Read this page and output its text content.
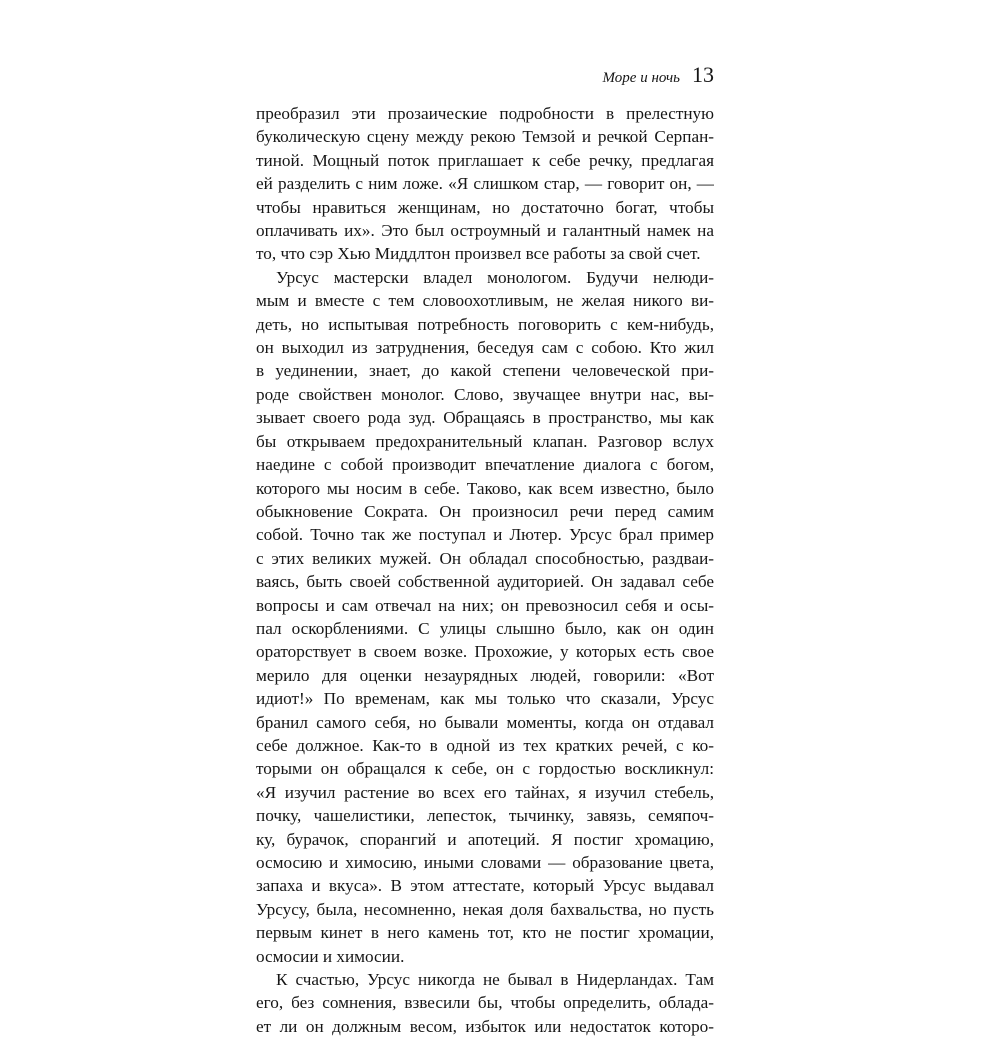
Море и ночь 13
преобразил эти прозаические подробности в прелестную
буколическую сцену между рекою Темзой и речкой Серпан-
тиной. Мощный поток приглашает к себе речку, предлагая
ей разделить с ним ложе. «Я слишком стар, — говорит он, —
чтобы нравиться женщинам, но достаточно богат, чтобы
оплачивать их». Это был остроумный и галантный намек на
то, что сэр Хью Миддлтон произвел все работы за свой счет.
Урсус мастерски владел монологом. Будучи нелюди-
мым и вместе с тем словоохотливым, не желая никого ви-
деть, но испытывая потребность поговорить с кем-нибудь,
он выходил из затруднения, беседуя сам с собою. Кто жил
в уединении, знает, до какой степени человеческой при-
роде свойствен монолог. Слово, звучащее внутри нас, вы-
зывает своего рода зуд. Обращаясь в пространство, мы как
бы открываем предохранительный клапан. Разговор вслух
наедине с собой производит впечатление диалога с богом,
которого мы носим в себе. Таково, как всем известно, было
обыкновение Сократа. Он произносил речи перед самим
собой. Точно так же поступал и Лютер. Урсус брал пример
с этих великих мужей. Он обладал способностью, раздваи-
ваясь, быть своей собственной аудиторией. Он задавал себе
вопросы и сам отвечал на них; он превозносил себя и осы-
пал оскорблениями. С улицы слышно было, как он один
ораторствует в своем возке. Прохожие, у которых есть свое
мерило для оценки незаурядных людей, говорили: «Вот
идиот!» По временам, как мы только что сказали, Урсус
бранил самого себя, но бывали моменты, когда он отдавал
себе должное. Как-то в одной из тех кратких речей, с ко-
торыми он обращался к себе, он с гордостью воскликнул:
«Я изучил растение во всех его тайнах, я изучил стебель,
почку, чашелистики, лепесток, тычинку, завязь, семяпоч-
ку, бурачок, спорангий и апотеций. Я постиг хромацию,
осмосию и химосию, иными словами — образование цвета,
запаха и вкуса». В этом аттестате, который Урсус выдавал
Урсусу, была, несомненно, некая доля бахвальства, но пусть
первым кинет в него камень тот, кто не постиг хромации,
осмосии и химосии.
К счастью, Урсус никогда не бывал в Нидерландах. Там
его, без сомнения, взвесили бы, чтобы определить, облада-
ет ли он должным весом, избыток или недостаток которо-
